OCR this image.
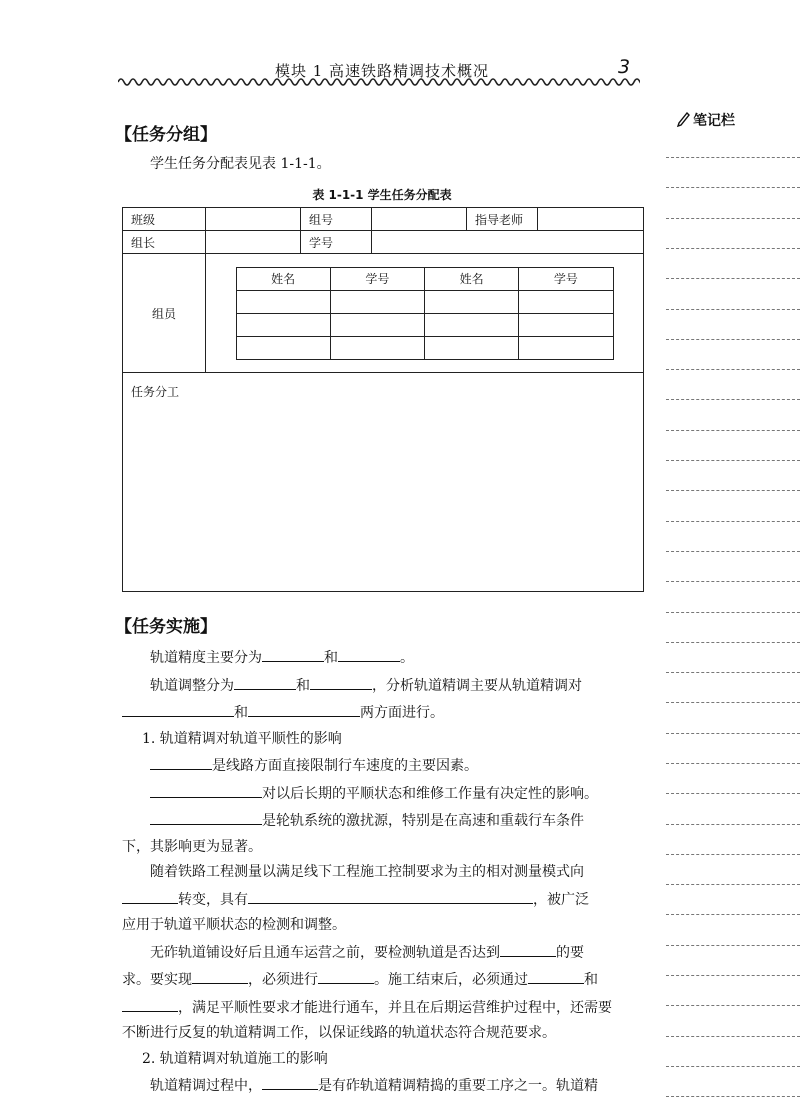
模块 1 高速铁路精调技术概况	3
笔记栏
【任务分组】

学生任务分配表见表 1-1-1。

表 1-1-1 学生任务分配表
班级		组号		指导老师	
组长		学号	
组员	
姓名	学号	姓名	学号

任务分工
【任务实施】
轨道精度主要分为	和	。
轨道调整分为	和	，分析轨道精调主要从轨道精调对
和	两方面进行。
1. 轨道精调对轨道平顺性的影响
是线路方面直接限制行车速度的主要因素。
对以后长期的平顺状态和维修工作量有决定性的影响。
是轮轨系统的激扰源，特别是在高速和重载行车条件
下，其影响更为显著。
随着铁路工程测量以满足线下工程施工控制要求为主的相对测量模式向
转变，具有	，被广泛
应用于轨道平顺状态的检测和调整。
无砟轨道铺设好后且通车运营之前，要检测轨道是否达到	的要
求。要实现	，必须进行	。施工结束后，必须通过	和
，满足平顺性要求才能进行通车，并且在后期运营维护过程中，还需要
不断进行反复的轨道精调工作，以保证线路的轨道状态符合规范要求。
2. 轨道精调对轨道施工的影响
轨道精调过程中，	是有砟轨道精调精捣的重要工序之一。轨道精
